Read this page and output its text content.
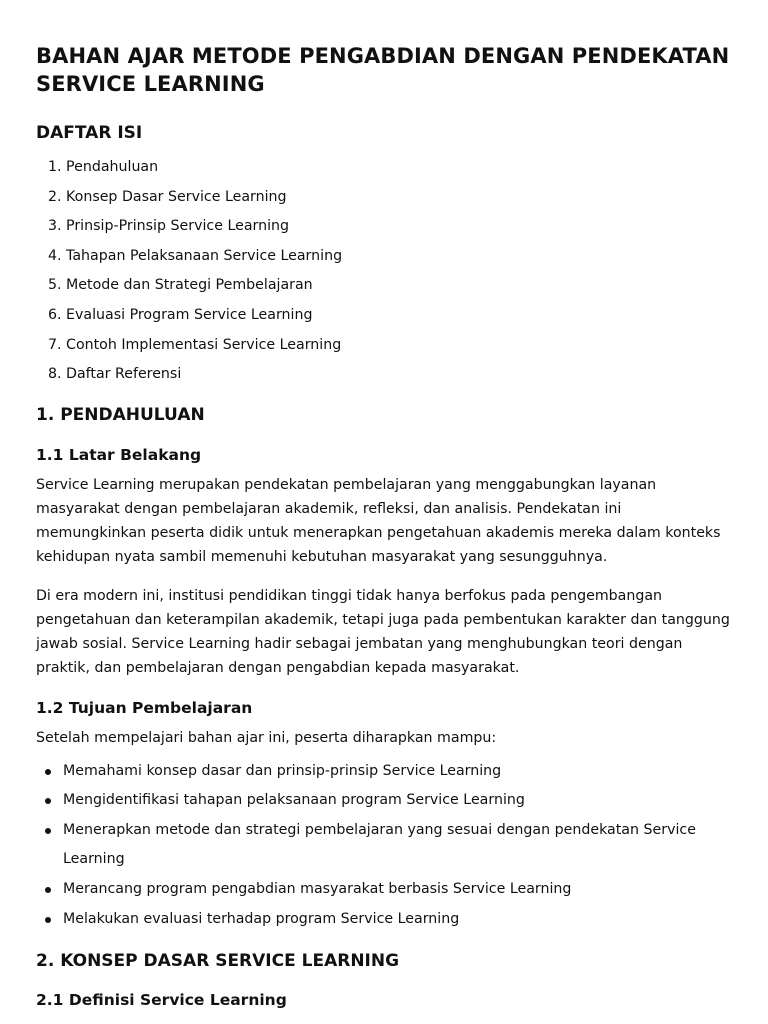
BAHAN AJAR METODE PENGABDIAN DENGAN PENDEKATAN SERVICE LEARNING
DAFTAR ISI
1. Pendahuluan
2. Konsep Dasar Service Learning
3. Prinsip-Prinsip Service Learning
4. Tahapan Pelaksanaan Service Learning
5. Metode dan Strategi Pembelajaran
6. Evaluasi Program Service Learning
7. Contoh Implementasi Service Learning
8. Daftar Referensi
1. PENDAHULUAN
1.1 Latar Belakang

Service Learning merupakan pendekatan pembelajaran yang menggabungkan layanan masyarakat dengan pembelajaran akademik, refleksi, dan analisis. Pendekatan ini memungkinkan peserta didik untuk menerapkan pengetahuan akademis mereka dalam konteks kehidupan nyata sambil memenuhi kebutuhan masyarakat yang sesungguhnya.

Di era modern ini, institusi pendidikan tinggi tidak hanya berfokus pada pengembangan pengetahuan dan keterampilan akademik, tetapi juga pada pembentukan karakter dan tanggung jawab sosial. Service Learning hadir sebagai jembatan yang menghubungkan teori dengan praktik, dan pembelajaran dengan pengabdian kepada masyarakat.

1.2 Tujuan Pembelajaran

Setelah mempelajari bahan ajar ini, peserta diharapkan mampu:

Memahami konsep dasar dan prinsip-prinsip Service Learning
Mengidentifikasi tahapan pelaksanaan program Service Learning
Menerapkan metode dan strategi pembelajaran yang sesuai dengan pendekatan Service Learning
Merancang program pengabdian masyarakat berbasis Service Learning
Melakukan evaluasi terhadap program Service Learning
2. KONSEP DASAR SERVICE LEARNING
2.1 Definisi Service Learning
